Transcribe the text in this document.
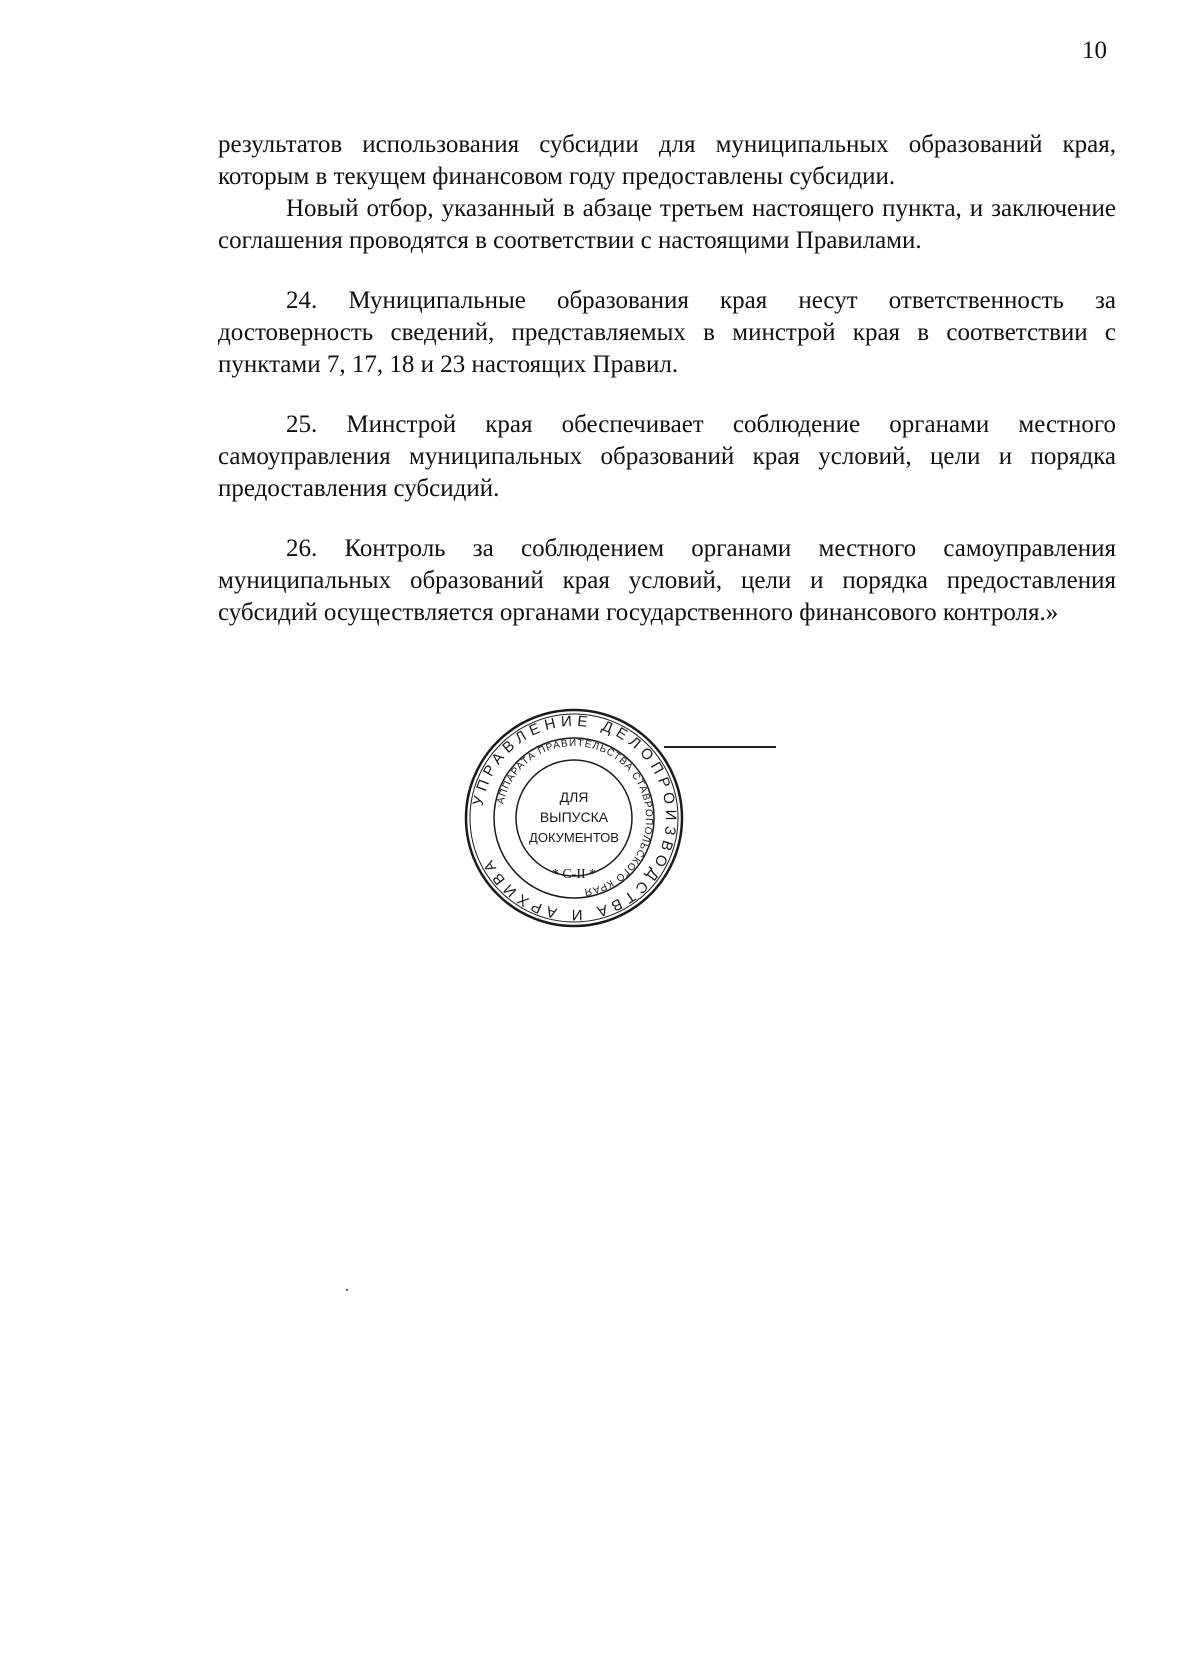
10

результатов использования субсидии для муниципальных образований края, которым в текущем финансовом году предоставлены субсидии.

Новый отбор, указанный в абзаце третьем настоящего пункта, и заключение соглашения проводятся в соответствии с настоящими Правилами.

24. Муниципальные образования края несут ответственность за достоверность сведений, представляемых в минстрой края в соответствии с пунктами 7, 17, 18 и 23 настоящих Правил.

25. Минстрой края обеспечивает соблюдение органами местного самоуправления муниципальных образований края условий, цели и порядка предоставления субсидий.

26. Контроль за соблюдением органами местного самоуправления муниципальных образований края условий, цели и порядка предоставления субсидий осуществляется органами государственного финансового контроля.»

УПРАВЛЕНИЕ ДЕЛОПРОИЗВОДСТВА И АРХИВА
АППАРАТА ПРАВИТЕЛЬСТВА СТАВРОПОЛЬСКОГО КРАЯ
ДЛЯ
ВЫПУСКА
ДОКУМЕНТОВ
* С-II *
